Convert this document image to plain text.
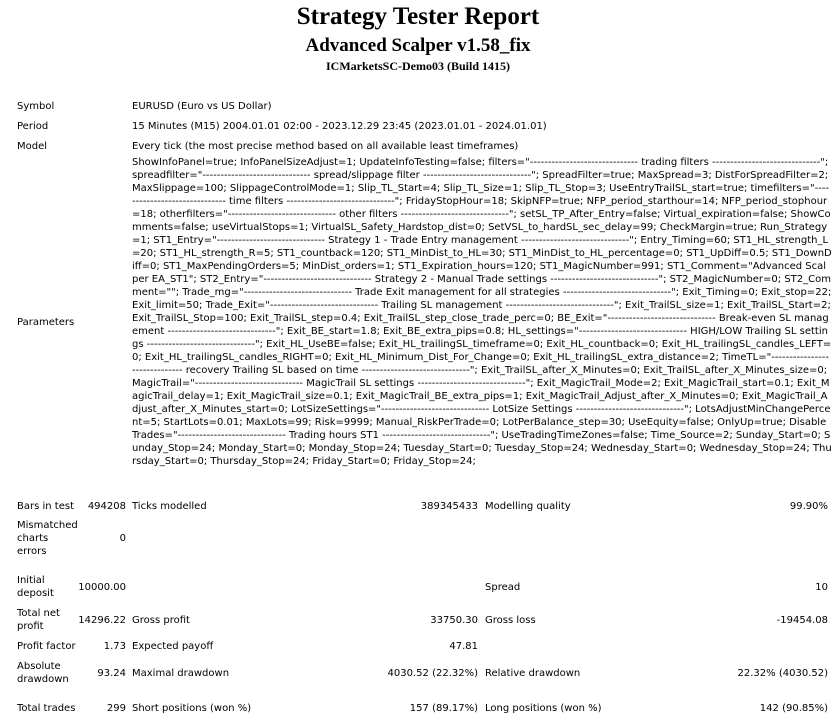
Strategy Tester Report
Advanced Scalper v1.58_fix
ICMarketsSC-Demo03 (Build 1415)
Symbol	EURUSD (Euro vs US Dollar)
Period	15 Minutes (M15) 2004.01.01 02:00 - 2023.12.29 23:45 (2023.01.01 - 2024.01.01)
Model	Every tick (the most precise method based on all available least timeframes)
Parameters
ShowInfoPanel=true; InfoPanelSizeAdjust=1; UpdateInfoTesting=false; filters="------------------------------ trading filters ------------------------------"; spreadfilter="------------------------------ spread/slippage filter ------------------------------"; SpreadFilter=true; MaxSpread=3; DistForSpreadFilter=2; MaxSlippage=100; SlippageControlMode=1; Slip_TL_Start=4; Slip_TL_Size=1; Slip_TL_Stop=3; UseEntryTrailSL_start=true; timefilters="------------------------------ time filters ------------------------------"; FridayStopHour=18; SkipNFP=true; NFP_period_starthour=14; NFP_period_stophour=18; otherfilters="------------------------------ other filters ------------------------------"; setSL_TP_After_Entry=false; Virtual_expiration=false; ShowComments=false; useVirtualStops=1; VirtualSL_Safety_Hardstop_dist=0; SetVSL_to_hardSL_sec_delay=99; CheckMargin=true; Run_Strategy=1; ST1_Entry="------------------------------ Strategy 1 - Trade Entry management ------------------------------"; Entry_Timing=60; ST1_HL_strength_L=20; ST1_HL_strength_R=5; ST1_countback=120; ST1_MinDist_to_HL=30; ST1_MinDist_to_HL_percentage=0; ST1_UpDiff=0.5; ST1_DownDiff=0; ST1_MaxPendingOrders=5; MinDist_orders=1; ST1_Expiration_hours=120; ST1_MagicNumber=991; ST1_Comment="Advanced Scalper EA_ST1"; ST2_Entry="------------------------------ Strategy 2 - Manual Trade settings ------------------------------"; ST2_MagicNumber=0; ST2_Comment=""; Trade_mg="------------------------------ Trade Exit management for all strategies ------------------------------"; Exit_Timing=0; Exit_stop=22; Exit_limit=50; Trade_Exit="------------------------------ Trailing SL management ------------------------------"; Exit_TrailSL_size=1; Exit_TrailSL_Start=2; Exit_TrailSL_Stop=100; Exit_TrailSL_step=0.4; Exit_TrailSL_step_close_trade_perc=0; BE_Exit="------------------------------ Break-even SL management ------------------------------"; Exit_BE_start=1.8; Exit_BE_extra_pips=0.8; HL_settings="------------------------------ HIGH/LOW Trailing SL settings ------------------------------"; Exit_HL_UseBE=false; Exit_HL_trailingSL_timeframe=0; Exit_HL_countback=0; Exit_HL_trailingSL_candles_LEFT=0; Exit_HL_trailingSL_candles_RIGHT=0; Exit_HL_Minimum_Dist_For_Change=0; Exit_HL_trailingSL_extra_distance=2; TimeTL="------------------------------ recovery Trailing SL based on time ------------------------------"; Exit_TrailSL_after_X_Minutes=0; Exit_TrailSL_after_X_Minutes_size=0; MagicTrail="------------------------------ MagicTrail SL settings ------------------------------"; Exit_MagicTrail_Mode=2; Exit_MagicTrail_start=0.1; Exit_MagicTrail_delay=1; Exit_MagicTrail_size=0.1; Exit_MagicTrail_BE_extra_pips=1; Exit_MagicTrail_Adjust_after_X_Minutes=0; Exit_MagicTrail_Adjust_after_X_Minutes_start=0; LotSizeSettings="------------------------------ LotSize Settings ------------------------------"; LotsAdjustMinChangePercent=5; StartLots=0.01; MaxLots=99; Risk=9999; Manual_RiskPerTrade=0; LotPerBalance_step=30; UseEquity=false; OnlyUp=true; DisableTrades="------------------------------ Trading hours ST1 ------------------------------"; UseTradingTimeZones=false; Time_Source=2; Sunday_Start=0; Sunday_Stop=24; Monday_Start=0; Monday_Stop=24; Tuesday_Start=0; Tuesday_Stop=24; Wednesday_Start=0; Wednesday_Stop=24; Thursday_Start=0; Thursday_Stop=24; Friday_Start=0; Friday_Stop=24;
Bars in test	494208 Ticks modelled	389345433 Modelling quality	99.90%
Mismatched charts errors
0
Initial deposit
10000.00	Spread	10
Total net profit
14296.22 Gross profit	33750.30 Gross loss	-19454.08
Profit factor	1.73 Expected payoff	47.81
Absolute drawdown
93.24 Maximal drawdown	4030.52 (22.32%) Relative drawdown	22.32% (4030.52)
Total trades	299 Short positions (won %)	157 (89.17%) Long positions (won %)	142 (90.85%)
